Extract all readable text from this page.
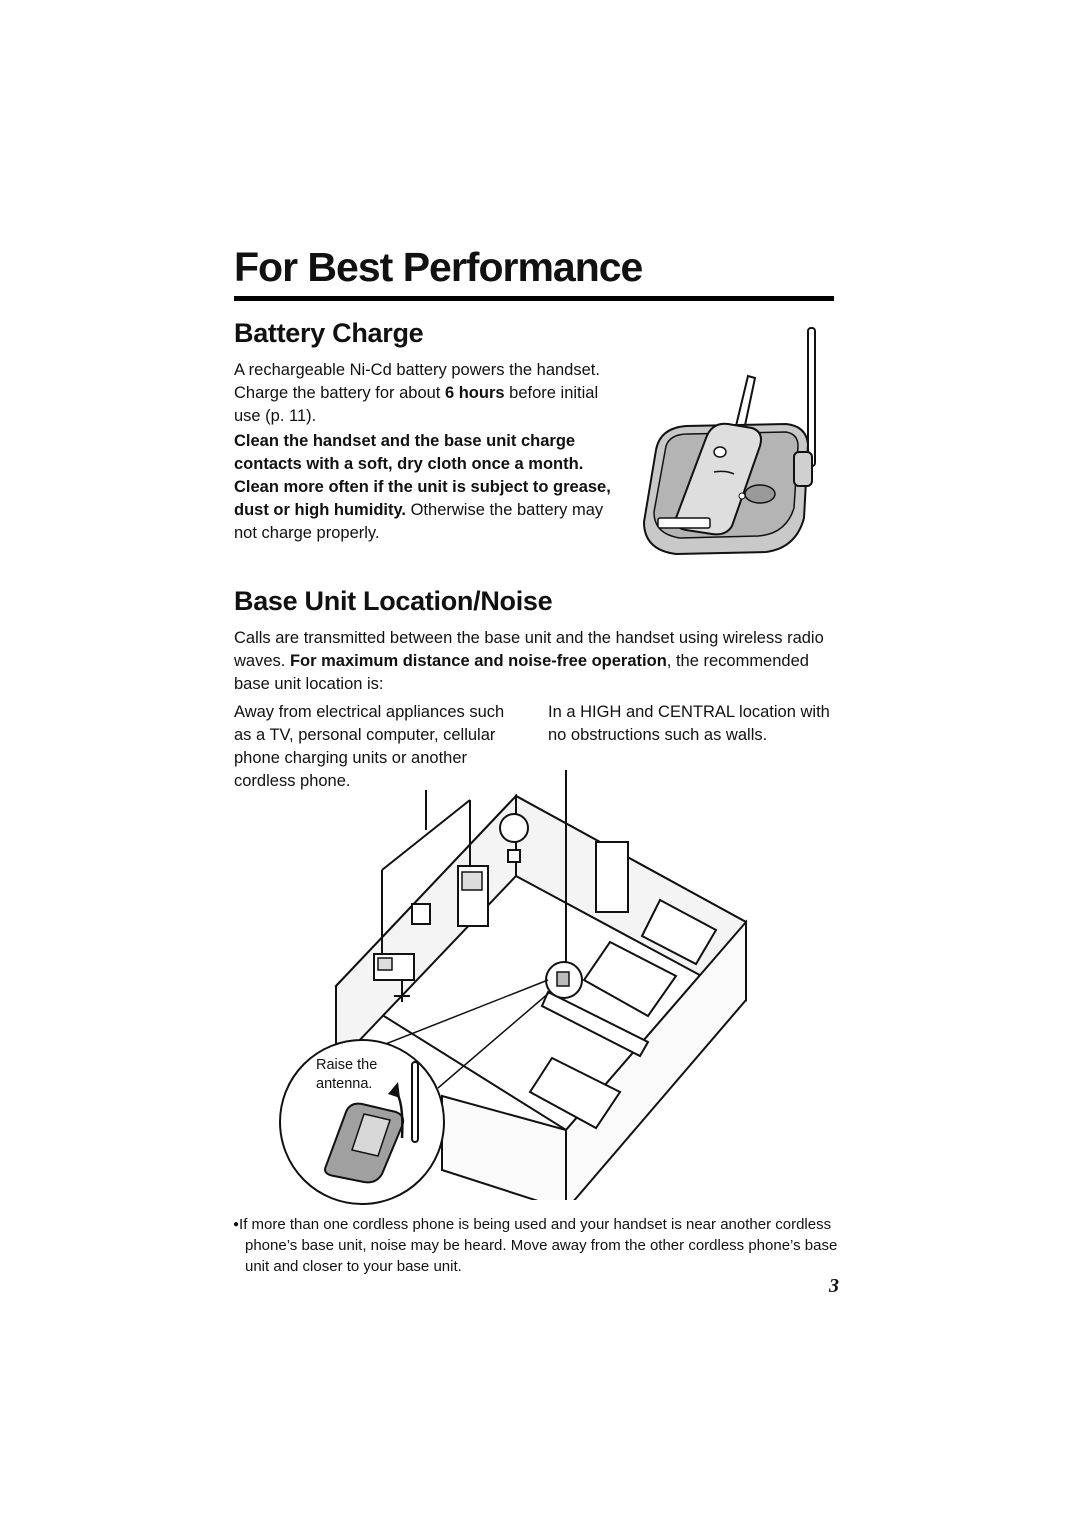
For Best Performance
Battery Charge
A rechargeable Ni-Cd battery powers the handset. Charge the battery for about 6 hours before initial use (p. 11).
Clean the handset and the base unit charge contacts with a soft, dry cloth once a month. Clean more often if the unit is subject to grease, dust or high humidity. Otherwise the battery may not charge properly.
Base Unit Location/Noise
Calls are transmitted between the base unit and the handset using wireless radio waves. For maximum distance and noise-free operation, the recommended base unit location is:
Away from electrical appliances such as a TV, personal computer, cellular phone charging units or another cordless phone.
In a HIGH and CENTRAL location with no obstructions such as walls.
Raise the antenna.
●If more than one cordless phone is being used and your handset is near another cordless phone’s base unit, noise may be heard. Move away from the other cordless phone’s base unit and closer to your base unit.
3
